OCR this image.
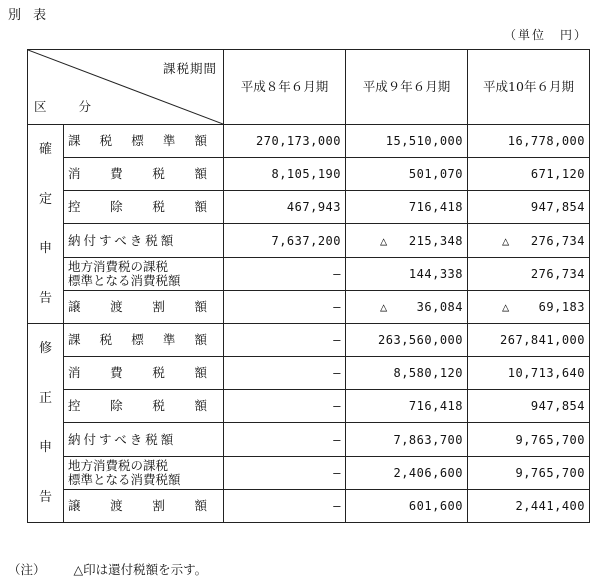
別 表
（単位　円）
課税期間
区 分		平成８年６月期	平成９年６月期	平成10年６月期

確
定
申
告	課 税 標 準 額	270,173,000	15,510,000	16,778,000

	消 費 税 額	8,105,190	501,070	671,120

	控 除 税 額	467,943	716,418	947,854
	納付すべき税額	7,637,200	△ 215,348	△ 276,734

	地方消費税の課税
標準となる消費税額	—	144,338	276,734

	譲 渡 割 額	—	△ 36,084	△ 69,183

修
正
申
告	課 税 標 準 額	—	263,560,000	267,841,000

	消 費 税 額	—	8,580,120	10,713,640

	控 除 税 額	—	716,418	947,854
	納付すべき税額	—	7,863,700	9,765,700

	地方消費税の課税
標準となる消費税額	—	2,406,600	9,765,700

	譲 渡 割 額	—	601,600	2,441,400
（注） △印は還付税額を示す。
